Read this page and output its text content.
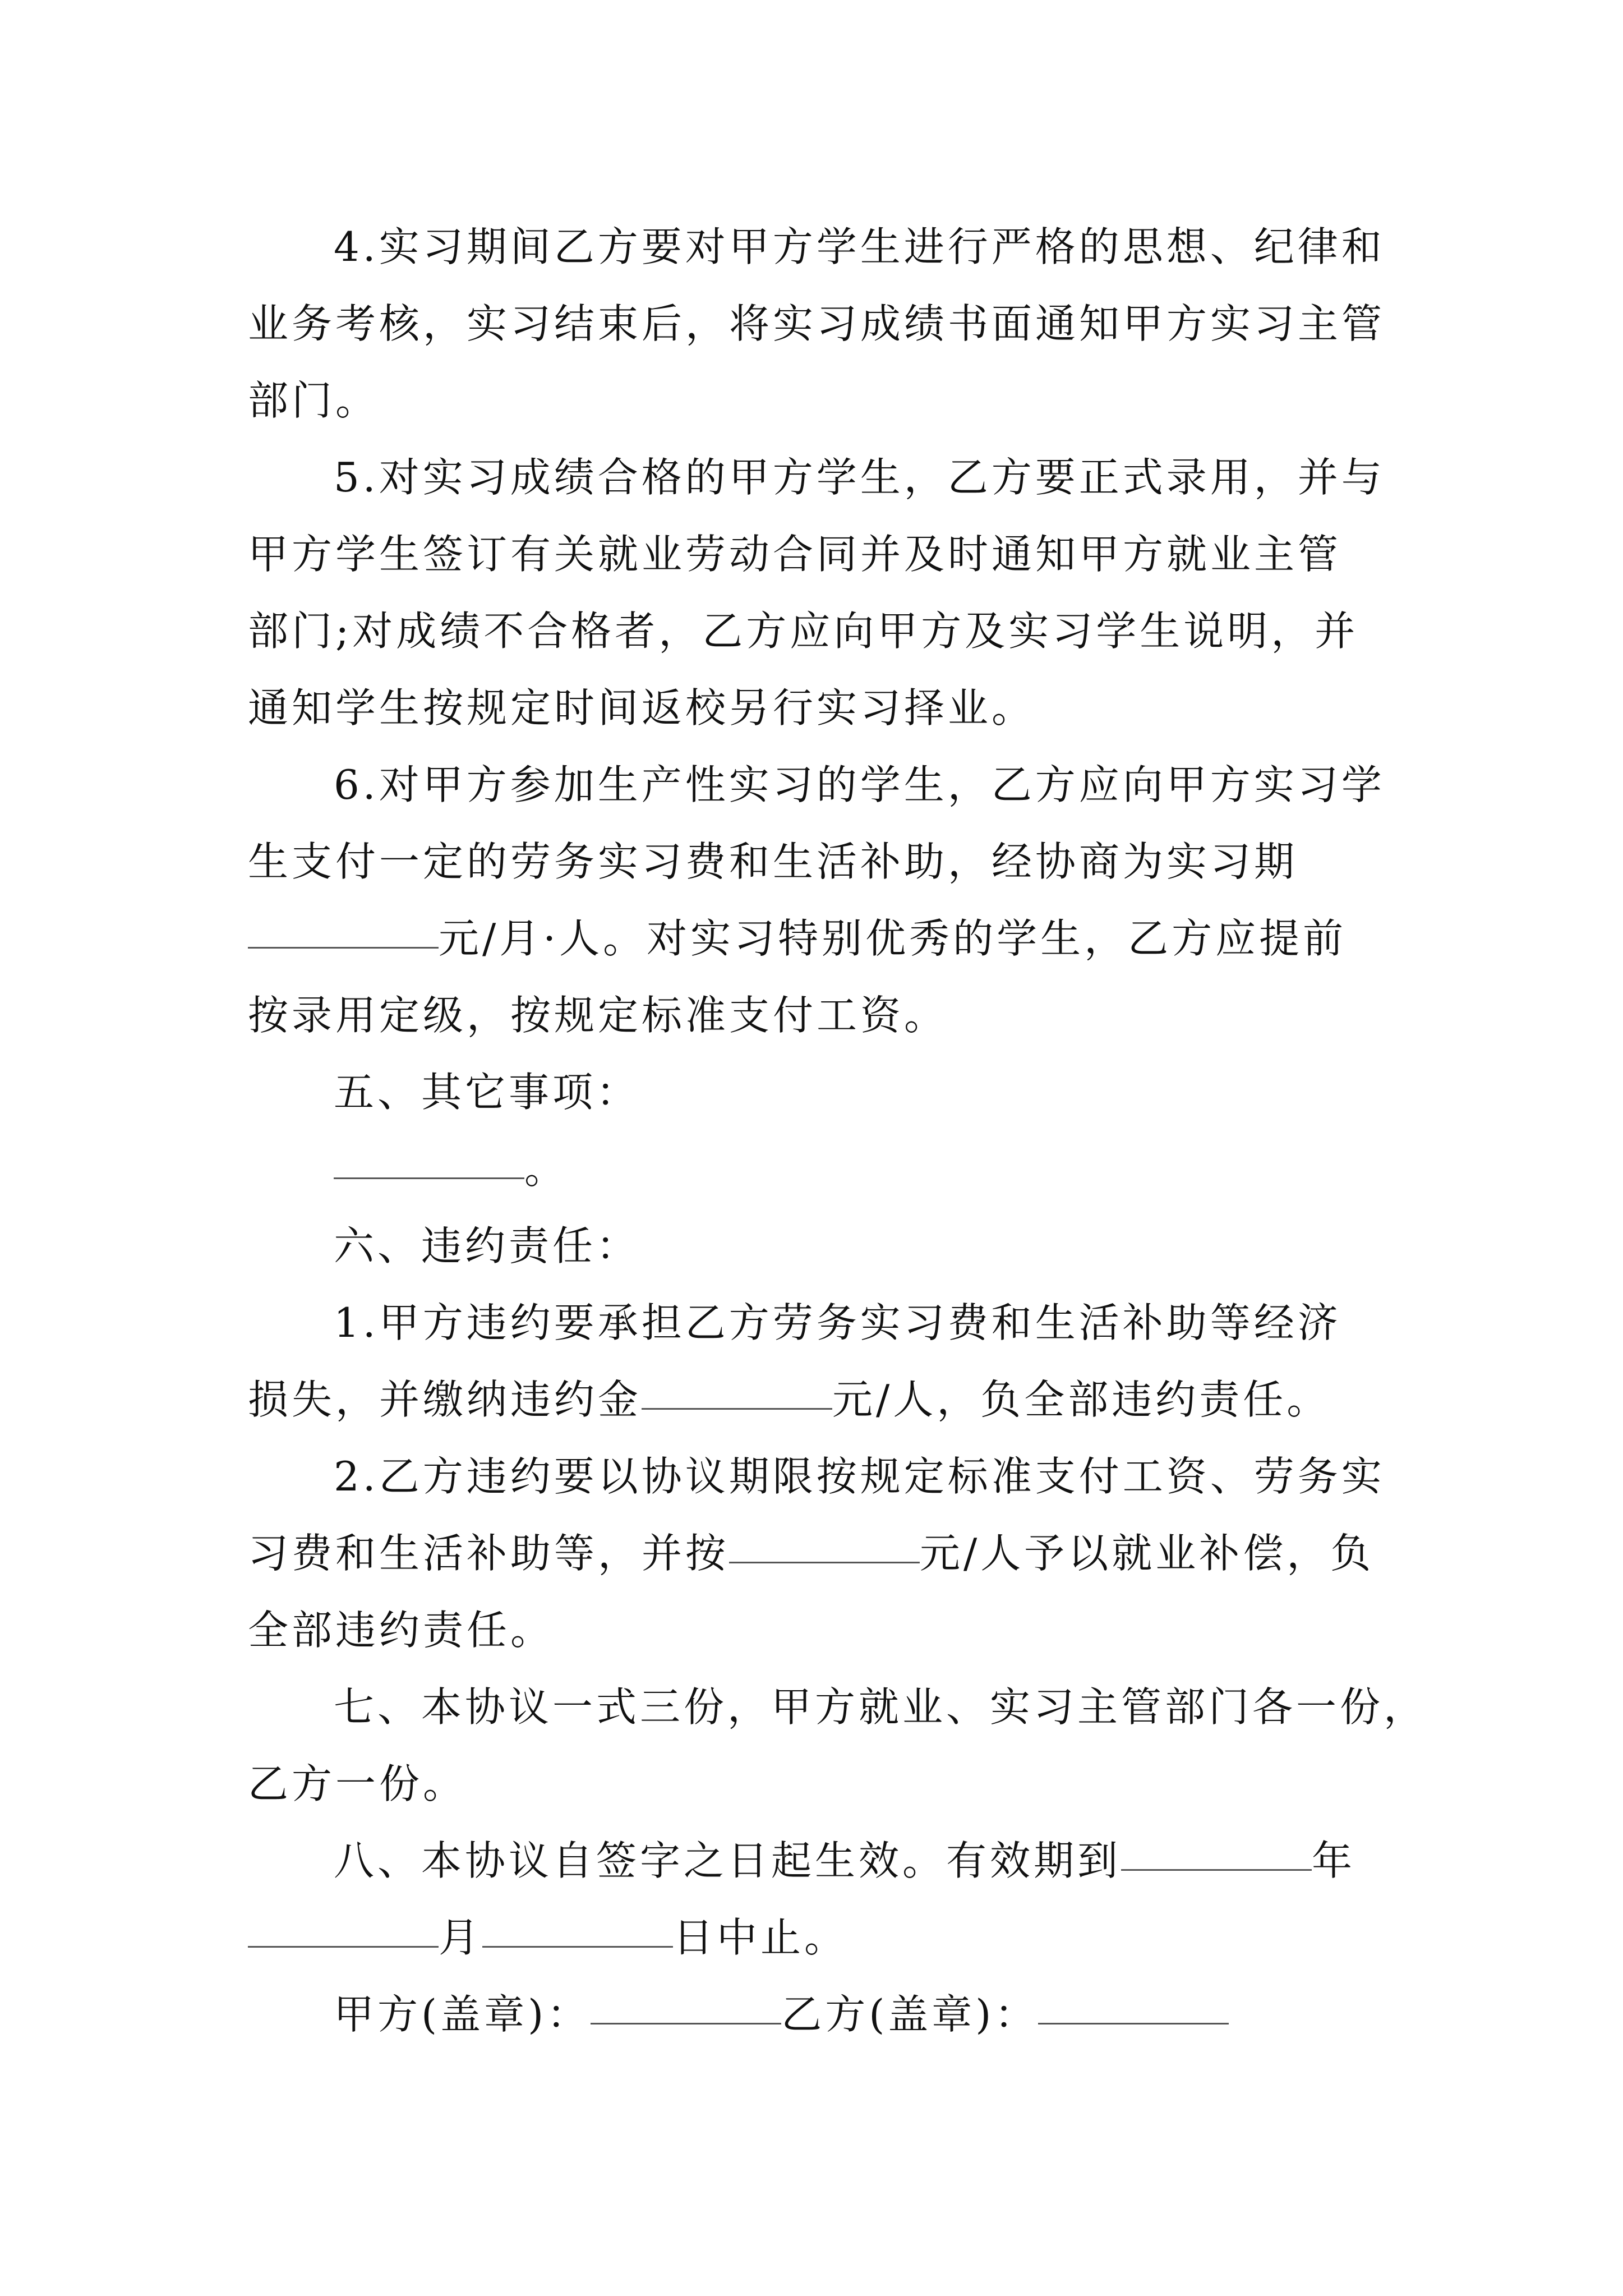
4.实习期间乙方要对甲方学生进行严格的思想、纪律和
业务考核，实习结束后，将实习成绩书面通知甲方实习主管
部门。

5.对实习成绩合格的甲方学生，乙方要正式录用，并与
甲方学生签订有关就业劳动合同并及时通知甲方就业主管
部门;对成绩不合格者，乙方应向甲方及实习学生说明，并
通知学生按规定时间返校另行实习择业。

6.对甲方参加生产性实习的学生，乙方应向甲方实习学
生支付一定的劳务实习费和生活补助，经协商为实习期
元/月·人。对实习特别优秀的学生，乙方应提前
按录用定级，按规定标准支付工资。

五、其它事项：
。

六、违约责任：

1.甲方违约要承担乙方劳务实习费和生活补助等经济
损失，并缴纳违约金	元/人，负全部违约责任。

2.乙方违约要以协议期限按规定标准支付工资、劳务实
习费和生活补助等，并按	元/人予以就业补偿，负
全部违约责任。

七、本协议一式三份，甲方就业、实习主管部门各一份，
乙方一份。

八、本协议自签字之日起生效。有效期到	年
月	日中止。

甲方(盖章)：	乙方(盖章)：
